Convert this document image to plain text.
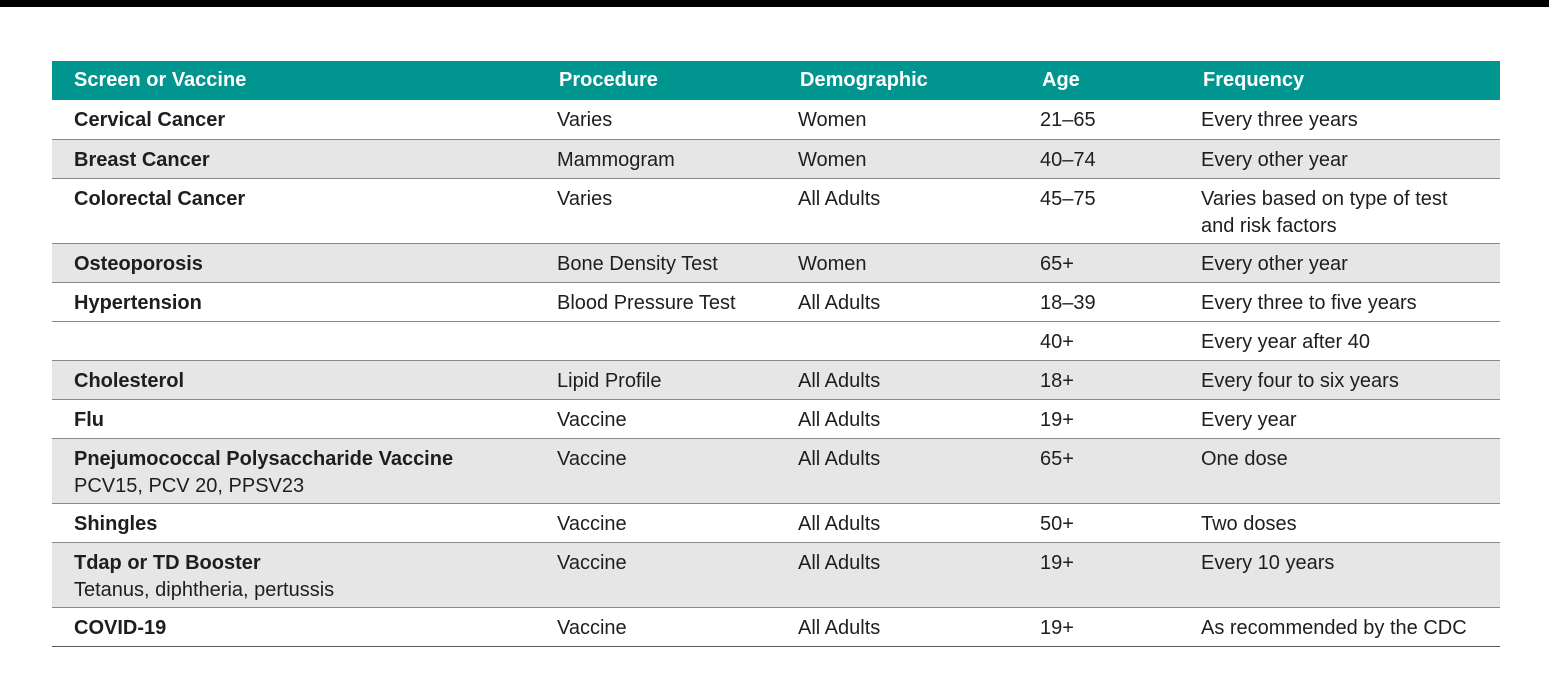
Screen or Vaccine	Procedure	Demographic	Age	Frequency

Cervical Cancer	Varies	Women	21–65	Every three years

Breast Cancer	Mammogram	Women	40–74	Every other year

Colorectal Cancer	Varies	All Adults	45–75	Varies based on type of test
and risk factors

Osteoporosis	Bone Density Test	Women	65+	Every other year

Hypertension	Blood Pressure Test	All Adults	18–39	Every three to five years

			40+	Every year after 40

Cholesterol	Lipid Profile	All Adults	18+	Every four to six years

Flu	Vaccine	All Adults	19+	Every year

Pnejumococcal Polysaccharide Vaccine
PCV15, PCV 20, PPSV23	Vaccine	All Adults	65+	One dose

Shingles	Vaccine	All Adults	50+	Two doses

Tdap or TD Booster
Tetanus, diphtheria, pertussis	Vaccine	All Adults	19+	Every 10 years

COVID-19	Vaccine	All Adults	19+	As recommended by the CDC
